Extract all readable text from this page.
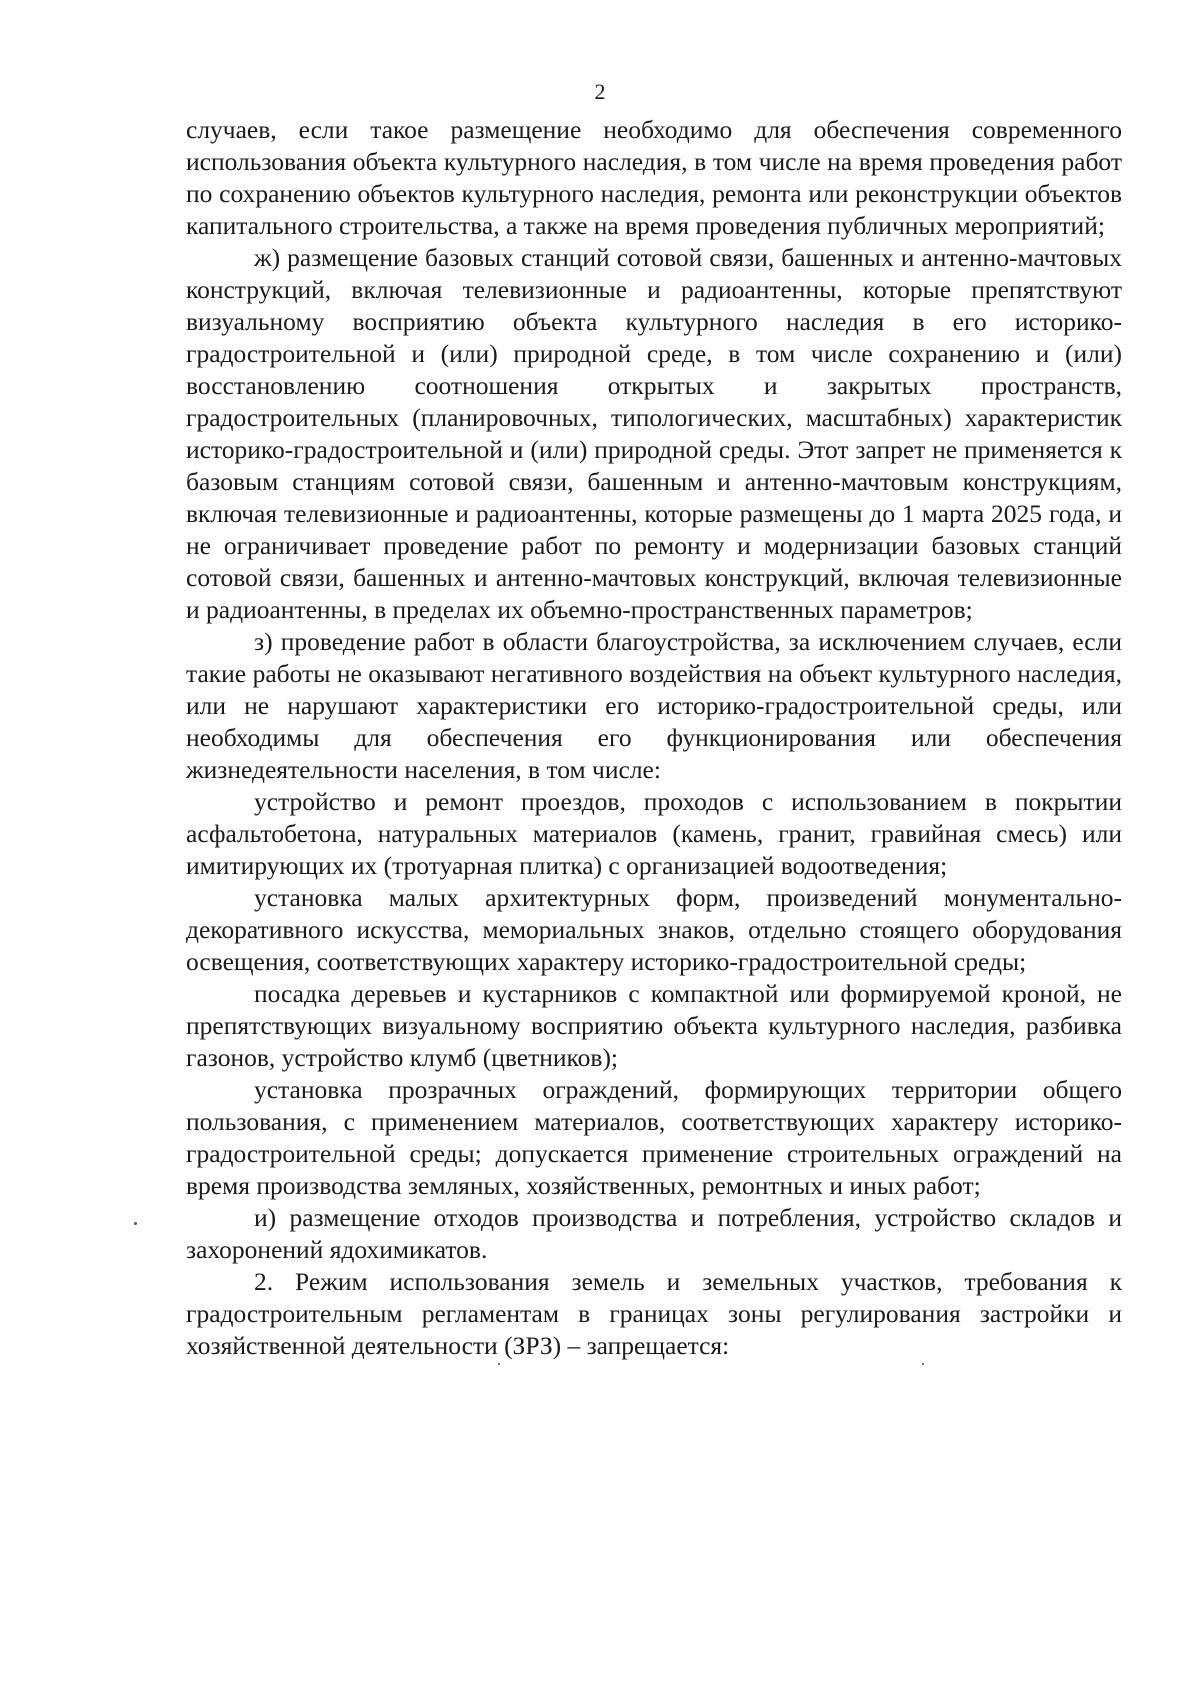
2

случаев, если такое размещение необходимо для обеспечения современного использования объекта культурного наследия, в том числе на время проведения работ по сохранению объектов культурного наследия, ремонта или реконструкции объектов капитального строительства, а также на время проведения публичных мероприятий;

ж) размещение базовых станций сотовой связи, башенных и антенно-мачтовых конструкций, включая телевизионные и радиоантенны, которые препятствуют визуальному восприятию объекта культурного наследия в его историко-градостроительной и (или) природной среде, в том числе сохранению и (или) восстановлению соотношения открытых и закрытых пространств, градостроительных (планировочных, типологических, масштабных) характеристик историко-градостроительной и (или) природной среды. Этот запрет не применяется к базовым станциям сотовой связи, башенным и антенно-мачтовым конструкциям, включая телевизионные и радиоантенны, которые размещены до 1 марта 2025 года, и не ограничивает проведение работ по ремонту и модернизации базовых станций сотовой связи, башенных и антенно-мачтовых конструкций, включая телевизионные и радиоантенны, в пределах их объемно-пространственных параметров;

з) проведение работ в области благоустройства, за исключением случаев, если такие работы не оказывают негативного воздействия на объект культурного наследия, или не нарушают характеристики его историко-градостроительной среды, или необходимы для обеспечения его функционирования или обеспечения жизнедеятельности населения, в том числе:

устройство и ремонт проездов, проходов с использованием в покрытии асфальтобетона, натуральных материалов (камень, гранит, гравийная смесь) или имитирующих их (тротуарная плитка) с организацией водоотведения;

установка малых архитектурных форм, произведений монументально-декоративного искусства, мемориальных знаков, отдельно стоящего оборудования освещения, соответствующих характеру историко-градостроительной среды;

посадка деревьев и кустарников с компактной или формируемой кроной, не препятствующих визуальному восприятию объекта культурного наследия, разбивка газонов, устройство клумб (цветников);

установка прозрачных ограждений, формирующих территории общего пользования, с применением материалов, соответствующих характеру историко-градостроительной среды; допускается применение строительных ограждений на время производства земляных, хозяйственных, ремонтных и иных работ;

и) размещение отходов производства и потребления, устройство складов и захоронений ядохимикатов.

2. Режим использования земель и земельных участков, требования к градостроительным регламентам в границах зоны регулирования застройки и хозяйственной деятельности (ЗРЗ) – запрещается:
